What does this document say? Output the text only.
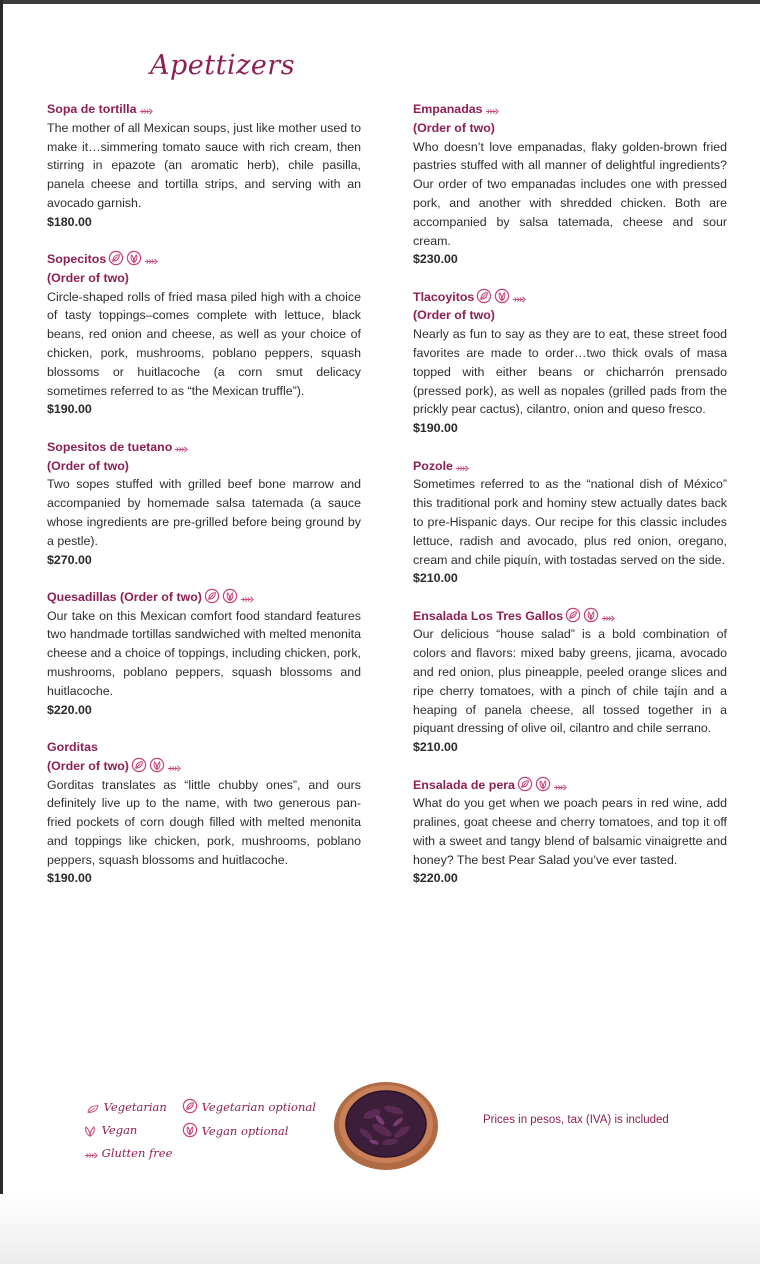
Apettizers
Sopa de tortilla

The mother of all Mexican soups, just like mother used to make it…simmering tomato sauce with rich cream, then stirring in epazote (an aromatic herb), chile pasilla, panela cheese and tortilla strips, and serving with an avocado garnish.

$180.00
Sopecitos
(Order of two)

Circle-shaped rolls of fried masa piled high with a choice of tasty toppings–comes complete with lettuce, black beans, red onion and cheese, as well as your choice of chicken, pork, mushrooms, poblano peppers, squash blossoms or huitlacoche (a corn smut delicacy sometimes referred to as “the Mexican truffle”).

$190.00
Sopesitos de tuetano
(Order of two)

Two sopes stuffed with grilled beef bone marrow and accompanied by homemade salsa tatemada (a sauce whose ingredients are pre-grilled before being ground by a pestle).

$270.00
Quesadillas (Order of two)

Our take on this Mexican comfort food standard features two handmade tortillas sandwiched with melted menonita cheese and a choice of toppings, including chicken, pork, mushrooms, poblano peppers, squash blossoms and huitlacoche.

$220.00
Gorditas
(Order of two)

Gorditas translates as “little chubby ones”, and ours definitely live up to the name, with two generous pan-fried pockets of corn dough filled with melted menonita and toppings like chicken, pork, mushrooms, poblano peppers, squash blossoms and huitlacoche.

$190.00
Empanadas
(Order of two)

Who doesn’t love empanadas, flaky golden-brown fried pastries stuffed with all manner of delightful ingredients? Our order of two empanadas includes one with pressed pork, and another with shredded chicken. Both are accompanied by salsa tatemada, cheese and sour cream.

$230.00
Tlacoyitos
(Order of two)

Nearly as fun to say as they are to eat, these street food favorites are made to order…two thick ovals of masa topped with either beans or chicharrón prensado (pressed pork), as well as nopales (grilled pads from the prickly pear cactus), cilantro, onion and queso fresco.

$190.00
Pozole

Sometimes referred to as the “national dish of México” this traditional pork and hominy stew actually dates back to pre-Hispanic days. Our recipe for this classic includes lettuce, radish and avocado, plus red onion, oregano, cream and chile piquín, with tostadas served on the side.

$210.00
Ensalada Los Tres Gallos

Our delicious “house salad” is a bold combination of colors and flavors: mixed baby greens, jicama, avocado and red onion, plus pineapple, peeled orange slices and ripe cherry tomatoes, with a pinch of chile tajín and a heaping of panela cheese, all tossed together in a piquant dressing of olive oil, cilantro and chile serrano.

$210.00
Ensalada de pera

What do you get when we poach pears in red wine, add pralines, goat cheese and cherry tomatoes, and top it off with a sweet and tangy blend of balsamic vinaigrette and honey? The best Pear Salad you’ve ever tasted.

$220.00
Vegetarian
Vegan
Glutten free
Vegetarian optional
Vegan optional
Prices in pesos, tax (IVA) is included
